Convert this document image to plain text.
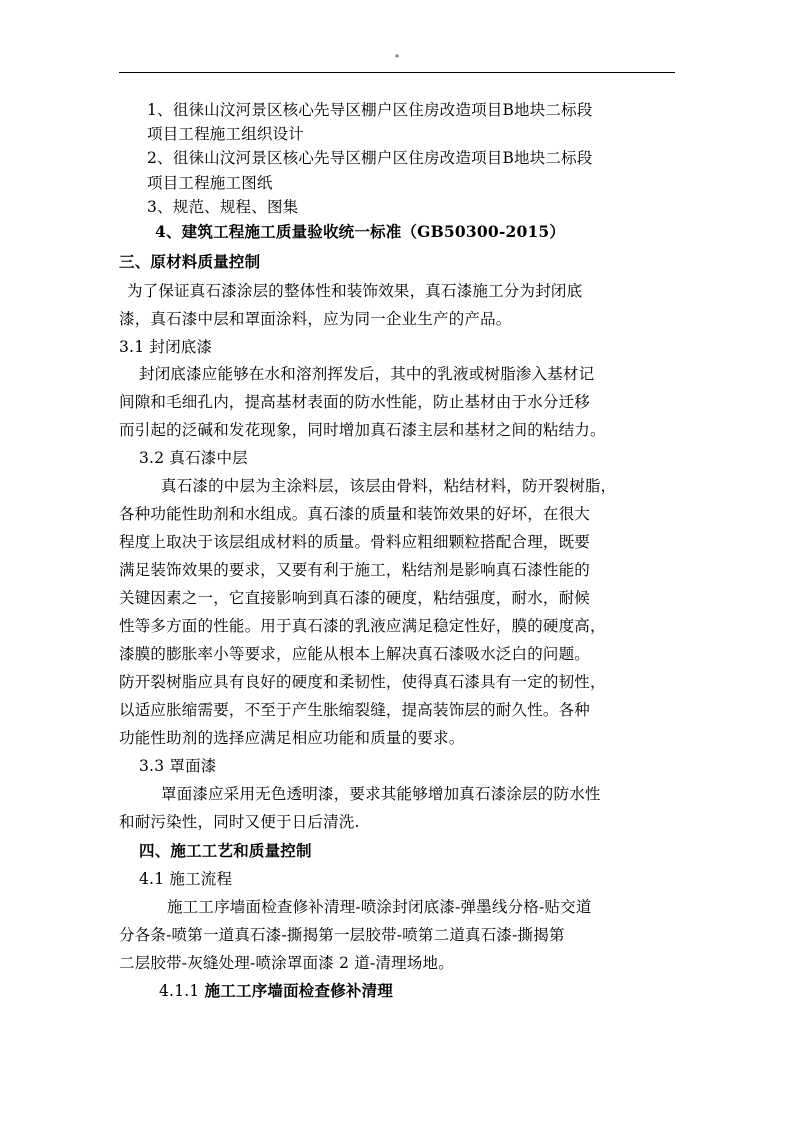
"
1、徂徕山汶河景区核心先导区棚户区住房改造项目B地块二标段
项目工程施工组织设计
2、徂徕山汶河景区核心先导区棚户区住房改造项目B地块二标段
项目工程施工图纸
3、规范、规程、图集
4、建筑工程施工质量验收统一标准（GB50300-2015）
三、原材料质量控制
为了保证真石漆涂层的整体性和装饰效果，真石漆施工分为封闭底
漆，真石漆中层和罩面涂料，应为同一企业生产的产品。
3.1 封闭底漆
封闭底漆应能够在水和溶剂挥发后，其中的乳液或树脂渗入基材记
间隙和毛细孔内，提高基材表面的防水性能，防止基材由于水分迁移
而引起的泛碱和发花现象，同时增加真石漆主层和基材之间的粘结力。
3.2 真石漆中层
真石漆的中层为主涂料层，该层由骨料，粘结材料，防开裂树脂，
各种功能性助剂和水组成。真石漆的质量和装饰效果的好坏，在很大
程度上取决于该层组成材料的质量。骨料应粗细颗粒搭配合理，既要
满足装饰效果的要求，又要有利于施工，粘结剂是影响真石漆性能的
关键因素之一，它直接影响到真石漆的硬度，粘结强度，耐水，耐候
性等多方面的性能。用于真石漆的乳液应满足稳定性好，膜的硬度高，
漆膜的膨胀率小等要求，应能从根本上解决真石漆吸水泛白的问题。
防开裂树脂应具有良好的硬度和柔韧性，使得真石漆具有一定的韧性，
以适应胀缩需要，不至于产生胀缩裂缝，提高装饰层的耐久性。各种
功能性助剂的选择应满足相应功能和质量的要求。
3.3 罩面漆
罩面漆应采用无色透明漆，要求其能够增加真石漆涂层的防水性
和耐污染性，同时又便于日后清洗.
四、施工工艺和质量控制
4.1 施工流程
施工工序墙面检查修补清理-喷涂封闭底漆-弹墨线分格-贴交道
分各条-喷第一道真石漆-撕揭第一层胶带-喷第二道真石漆-撕揭第
二层胶带-灰缝处理-喷涂罩面漆 2 道-清理场地。
4.1.1 施工工序墙面检查修补清理
